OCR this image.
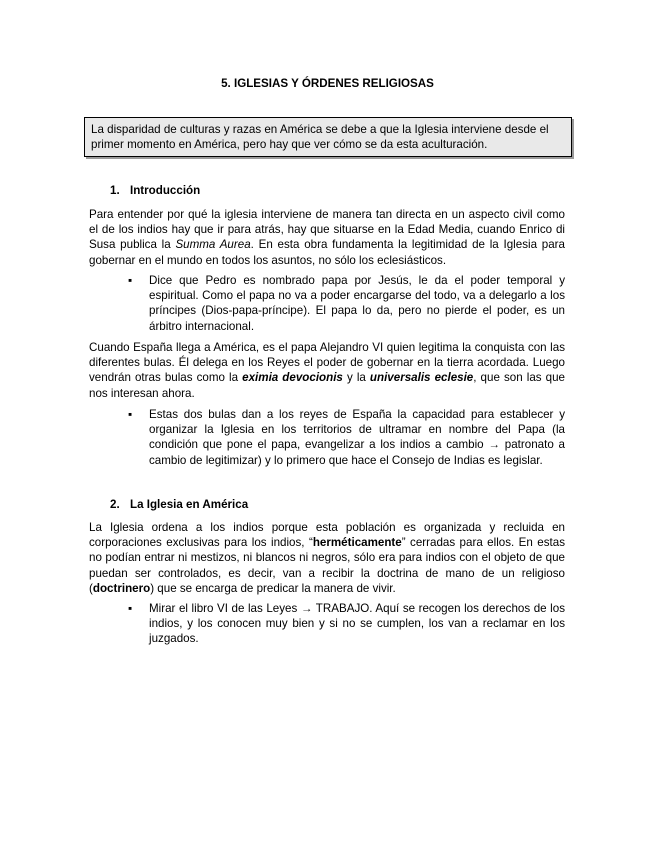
5. IGLESIAS Y ÓRDENES RELIGIOSAS
La disparidad de culturas y razas en América se debe a que la Iglesia interviene desde el primer momento en América, pero hay que ver cómo se da esta aculturación.
1. Introducción
Para entender por qué la iglesia interviene de manera tan directa en un aspecto civil como el de los indios hay que ir para atrás, hay que situarse en la Edad Media, cuando Enrico di Susa publica la Summa Aurea. En esta obra fundamenta la legitimidad de la Iglesia para gobernar en el mundo en todos los asuntos, no sólo los eclesiásticos.
▪ Dice que Pedro es nombrado papa por Jesús, le da el poder temporal y espiritual. Como el papa no va a poder encargarse del todo, va a delegarlo a los príncipes (Dios-papa-príncipe). El papa lo da, pero no pierde el poder, es un árbitro internacional.
Cuando España llega a América, es el papa Alejandro VI quien legitima la conquista con las diferentes bulas. Él delega en los Reyes el poder de gobernar en la tierra acordada. Luego vendrán otras bulas como la eximia devocionis y la universalis eclesie, que son las que nos interesan ahora.
▪ Estas dos bulas dan a los reyes de España la capacidad para establecer y organizar la Iglesia en los territorios de ultramar en nombre del Papa (la condición que pone el papa, evangelizar a los indios a cambio → patronato a cambio de legitimizar) y lo primero que hace el Consejo de Indias es legislar.
2. La Iglesia en América
La Iglesia ordena a los indios porque esta población es organizada y recluida en corporaciones exclusivas para los indios, “herméticamente” cerradas para ellos. En estas no podían entrar ni mestizos, ni blancos ni negros, sólo era para indios con el objeto de que puedan ser controlados, es decir, van a recibir la doctrina de mano de un religioso (doctrinero) que se encarga de predicar la manera de vivir.
▪ Mirar el libro VI de las Leyes → TRABAJO. Aquí se recogen los derechos de los indios, y los conocen muy bien y si no se cumplen, los van a reclamar en los juzgados.
